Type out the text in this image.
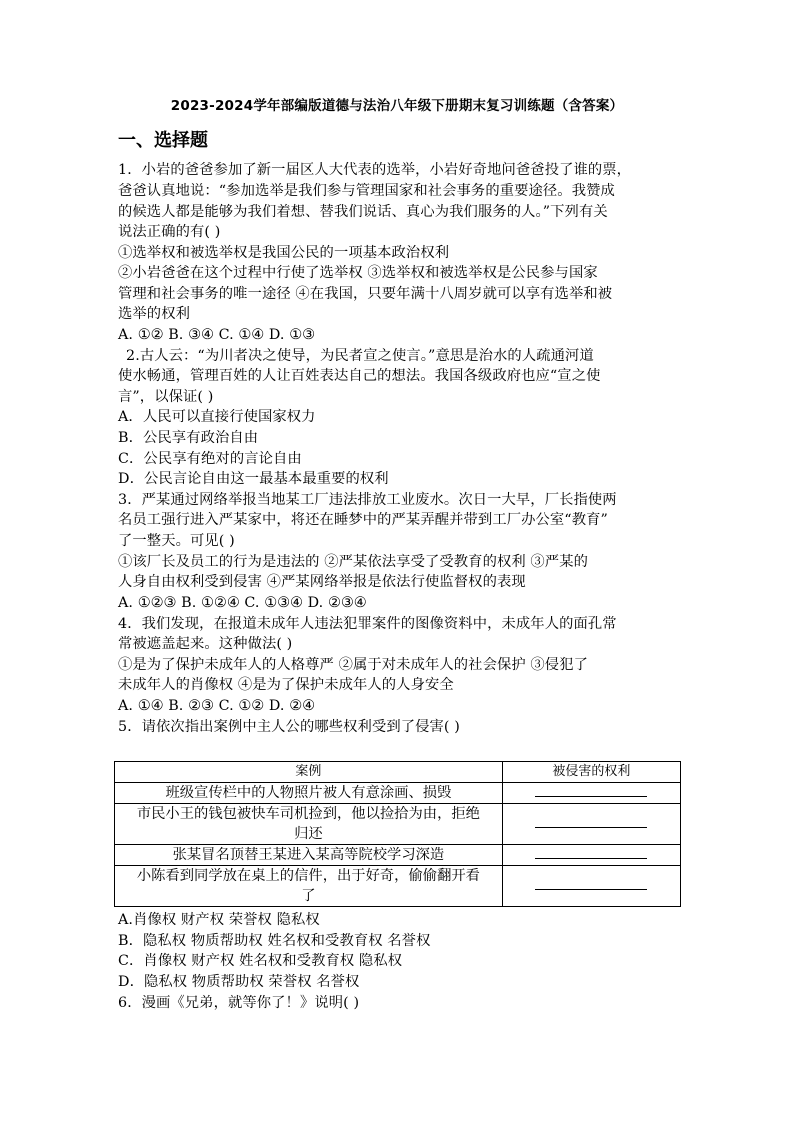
2023-2024学年部编版道德与法治八年级下册期末复习训练题（含答案）
一、选择题
1．小岩的爸爸参加了新一届区人大代表的选举，小岩好奇地问爸爸投了谁的票，
爸爸认真地说：“参加选举是我们参与管理国家和社会事务的重要途径。我赞成
的候选人都是能够为我们着想、替我们说话、真心为我们服务的人。”下列有关
说法正确的有( )
①选举权和被选举权是我国公民的一项基本政治权利
②小岩爸爸在这个过程中行使了选举权 ③选举权和被选举权是公民参与国家
管理和社会事务的唯一途径 ④在我国，只要年满十八周岁就可以享有选举和被
选举的权利
A. ①② B. ③④ C. ①④ D. ①③
2.古人云：“为川者决之使导，为民者宣之使言。”意思是治水的人疏通河道
使水畅通，管理百姓的人让百姓表达自己的想法。我国各级政府也应“宣之使
言”，以保证( )
A．人民可以直接行使国家权力
B．公民享有政治自由
C．公民享有绝对的言论自由
D．公民言论自由这一最基本最重要的权利
3．严某通过网络举报当地某工厂违法排放工业废水。次日一大早，厂长指使两
名员工强行进入严某家中，将还在睡梦中的严某弄醒并带到工厂办公室“教育”
了一整天。可见( )
①该厂长及员工的行为是违法的 ②严某依法享受了受教育的权利 ③严某的
人身自由权利受到侵害 ④严某网络举报是依法行使监督权的表现
A. ①②③ B. ①②④ C. ①③④ D. ②③④
4．我们发现，在报道未成年人违法犯罪案件的图像资料中，未成年人的面孔常
常被遮盖起来。这种做法( )
①是为了保护未成年人的人格尊严 ②属于对未成年人的社会保护 ③侵犯了
未成年人的肖像权 ④是为了保护未成年人的人身安全
A. ①④ B. ②③ C. ①② D. ②④
5．请依次指出案例中主人公的哪些权利受到了侵害( )
案例	被侵害的权利
班级宣传栏中的人物照片被人有意涂画、损毁	
市民小王的钱包被快车司机捡到，他以捡拾为由，拒绝
归还	
张某冒名顶替王某进入某高等院校学习深造	
小陈看到同学放在桌上的信件，出于好奇，偷偷翻开看
了	
A.肖像权 财产权 荣誉权 隐私权
B．隐私权 物质帮助权 姓名权和受教育权 名誉权
C．肖像权 财产权 姓名权和受教育权 隐私权
D．隐私权 物质帮助权 荣誉权 名誉权
6．漫画《兄弟，就等你了！》说明( )
